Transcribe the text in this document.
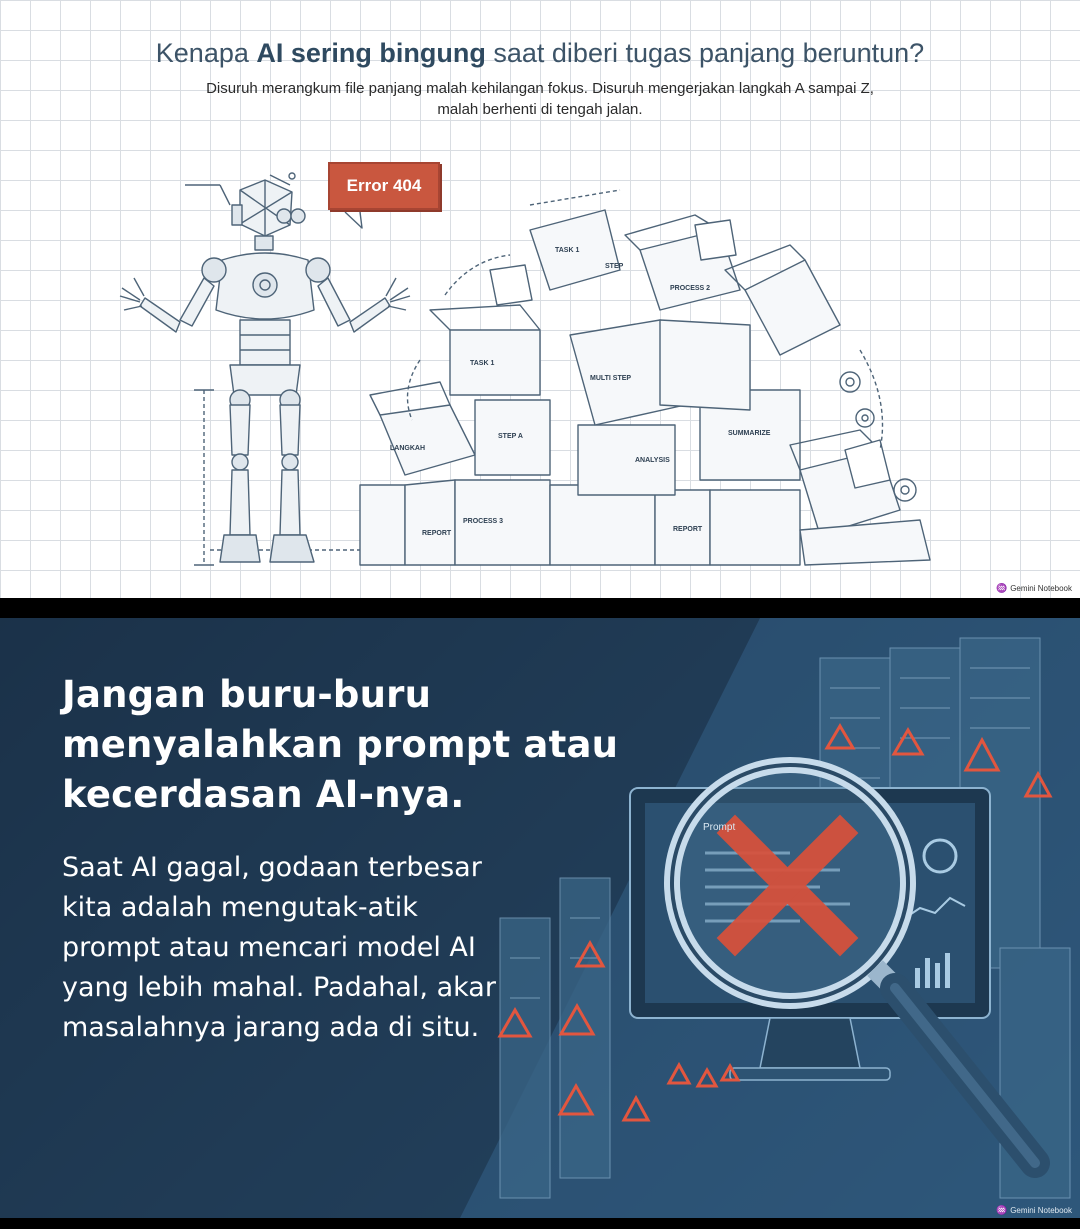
Kenapa AI sering bingung saat diberi tugas panjang beruntun?
Disuruh merangkum file panjang malah kehilangan fokus. Disuruh mengerjakan langkah A sampai Z, malah berhenti di tengah jalan.
TASK 1
STEP
PROCESS 2
TASK 1
MULTI STEP
LANGKAH
STEP A
ANALYSIS
SUMMARIZE
PROCESS 3
REPORT
REPORT
Error 404
♒ Gemini Notebook
Prompt
Jangan buru-buru menyalahkan prompt atau kecerdasan AI-nya.
Saat AI gagal, godaan terbesar kita adalah mengutak-atik prompt atau mencari model AI yang lebih mahal. Padahal, akar masalahnya jarang ada di situ.
♒ Gemini Notebook
